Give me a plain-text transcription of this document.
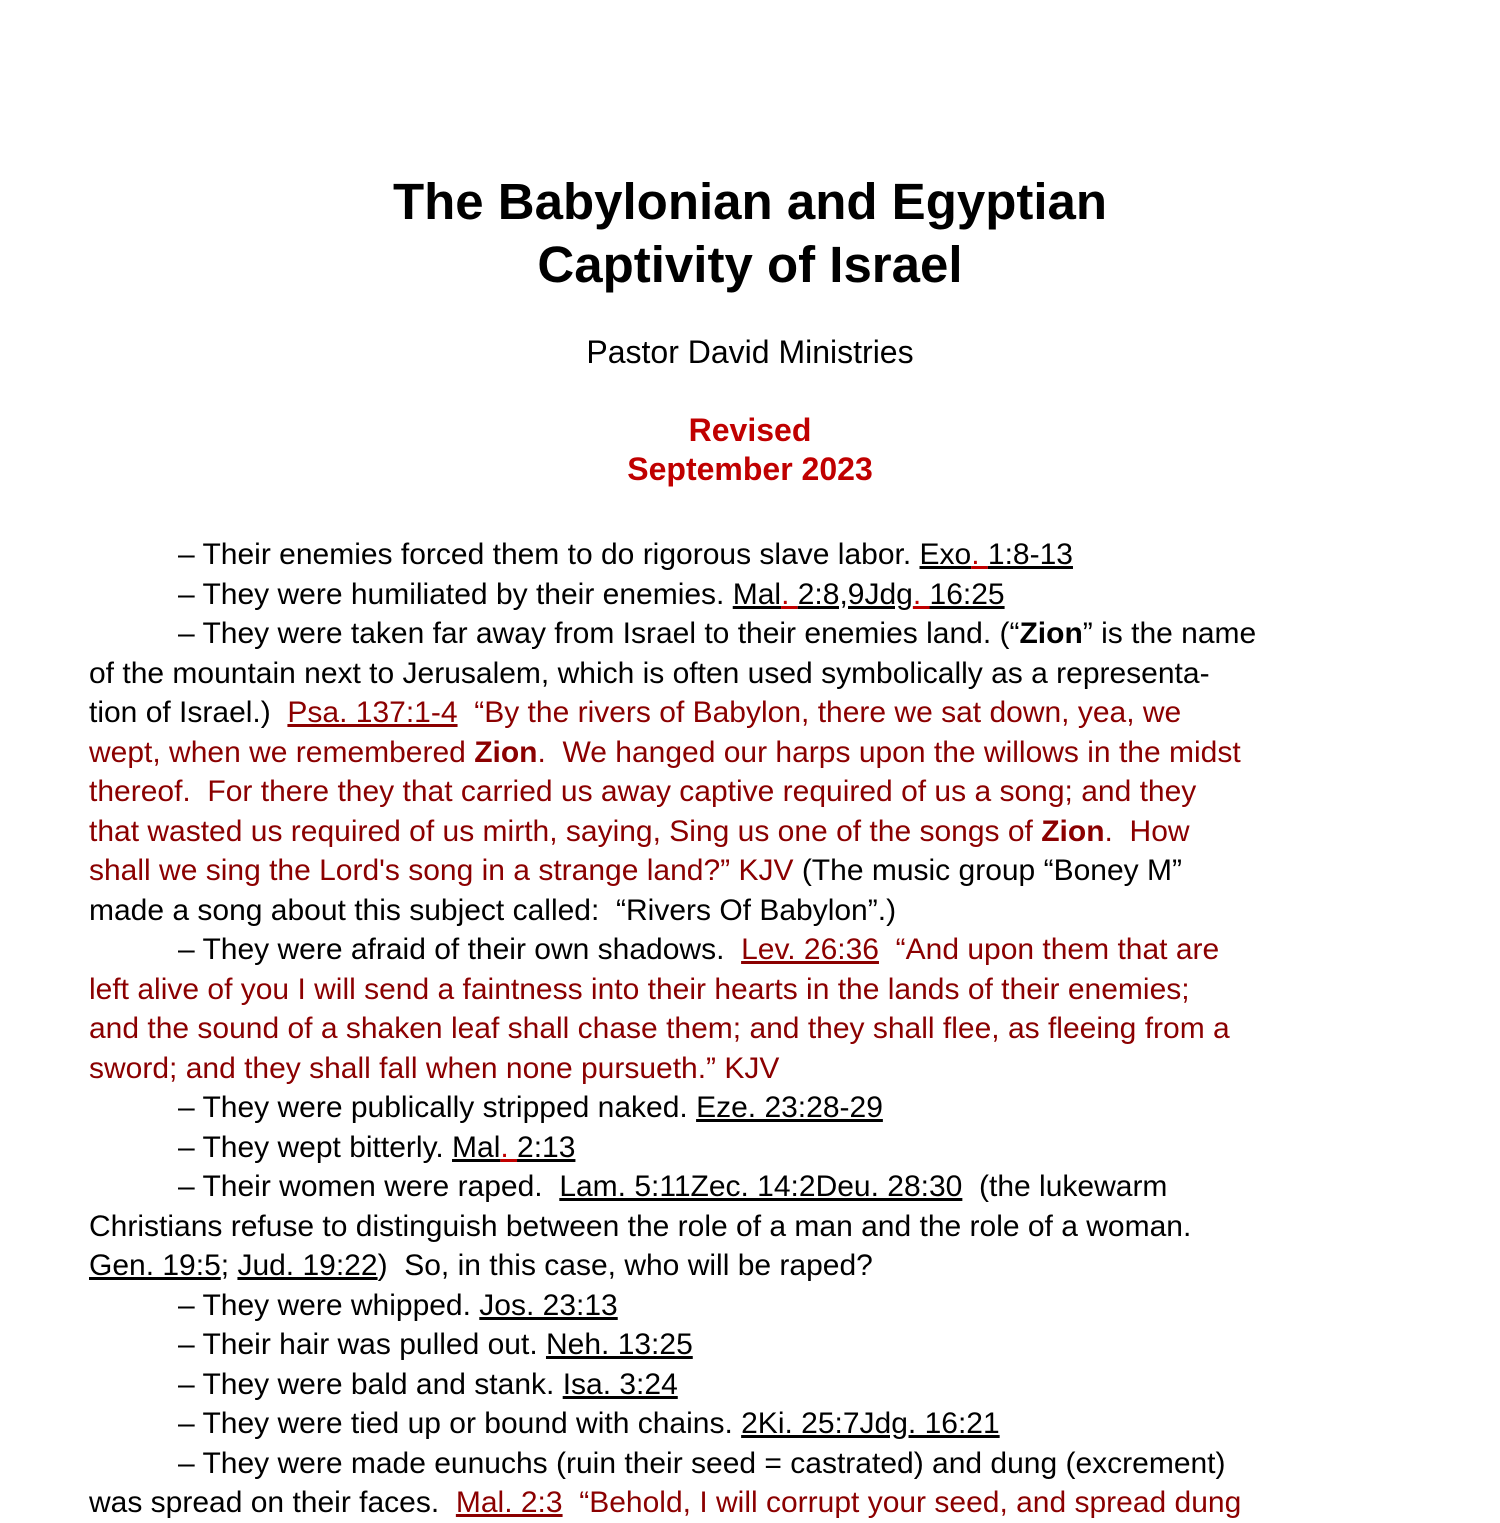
The Babylonian and Egyptian
Captivity of Israel
Pastor David Ministries
Revised
September 2023
– Their enemies forced them to do rigorous slave labor. Exo. 1:8-13
– They were humiliated by their enemies. Mal. 2:8,9Jdg. 16:25
– They were taken far away from Israel to their enemies land. (“Zion” is the name
of the mountain next to Jerusalem, which is often used symbolically as a representa-
tion of Israel.)  Psa. 137:1-4  “By the rivers of Babylon, there we sat down, yea, we
wept, when we remembered Zion.  We hanged our harps upon the willows in the midst
thereof.  For there they that carried us away captive required of us a song; and they
that wasted us required of us mirth, saying, Sing us one of the songs of Zion.  How
shall we sing the Lord's song in a strange land?” KJV (The music group “Boney M”
made a song about this subject called:  “Rivers Of Babylon”.)
– They were afraid of their own shadows.  Lev. 26:36  “And upon them that are
left alive of you I will send a faintness into their hearts in the lands of their enemies;
and the sound of a shaken leaf shall chase them; and they shall flee, as fleeing from a
sword; and they shall fall when none pursueth.” KJV
– They were publically stripped naked. Eze. 23:28-29
– They wept bitterly. Mal. 2:13
– Their women were raped.  Lam. 5:11Zec. 14:2Deu. 28:30  (the lukewarm
Christians refuse to distinguish between the role of a man and the role of a woman.
Gen. 19:5; Jud. 19:22)  So, in this case, who will be raped?
– They were whipped. Jos. 23:13
– Their hair was pulled out. Neh. 13:25
– They were bald and stank. Isa. 3:24
– They were tied up or bound with chains. 2Ki. 25:7Jdg. 16:21
– They were made eunuchs (ruin their seed = castrated) and dung (excrement)
was spread on their faces.  Mal. 2:3  “Behold, I will corrupt your seed, and spread dung
